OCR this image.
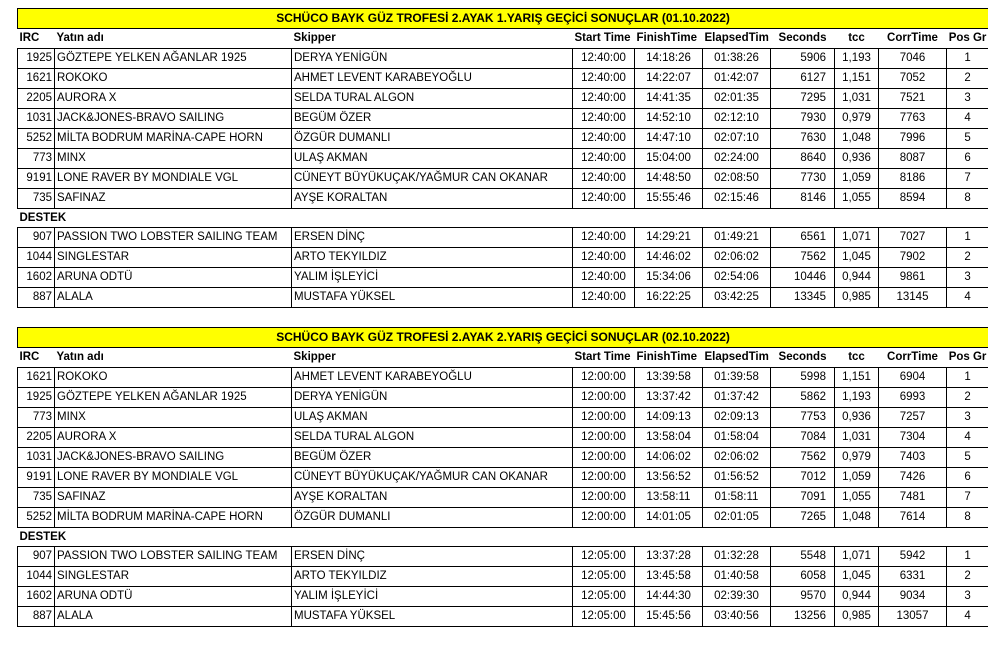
SCHÜCO BAYK GÜZ TROFESİ 2.AYAK 1.YARIŞ GEÇİCİ SONUÇLAR (01.10.2022)									
IRC	Yatın adı	Skipper	Start Time	FinishTime	ElapsedTim	Seconds	tcc	CorrTime	Pos Gr
1925	GÖZTEPE YELKEN AĞANLAR 1925	DERYA YENİGÜN	12:40:00	14:18:26	01:38:26	5906	1,193	7046	1
1621	ROKOKO	AHMET LEVENT KARABEYOĞLU	12:40:00	14:22:07	01:42:07	6127	1,151	7052	2
2205	AURORA X	SELDA TURAL ALGON	12:40:00	14:41:35	02:01:35	7295	1,031	7521	3
1031	JACK&JONES-BRAVO SAILING	BEGÜM ÖZER	12:40:00	14:52:10	02:12:10	7930	0,979	7763	4
5252	MİLTA BODRUM MARİNA-CAPE HORN	ÖZGÜR DUMANLI	12:40:00	14:47:10	02:07:10	7630	1,048	7996	5
773	MINX	ULAŞ AKMAN	12:40:00	15:04:00	02:24:00	8640	0,936	8087	6
9191	LONE RAVER BY MONDIALE VGL	CÜNEYT BÜYÜKUÇAK/YAĞMUR CAN OKANAR	12:40:00	14:48:50	02:08:50	7730	1,059	8186	7
735	SAFINAZ	AYŞE KORALTAN	12:40:00	15:55:46	02:15:46	8146	1,055	8594	8
DESTEK									
907	PASSION TWO LOBSTER SAILING TEAM	ERSEN DİNÇ	12:40:00	14:29:21	01:49:21	6561	1,071	7027	1
1044	SINGLESTAR	ARTO TEKYILDIZ	12:40:00	14:46:02	02:06:02	7562	1,045	7902	2
1602	ARUNA ODTÜ	YALIM İŞLEYİCİ	12:40:00	15:34:06	02:54:06	10446	0,944	9861	3
887	ALALA	MUSTAFA YÜKSEL	12:40:00	16:22:25	03:42:25	13345	0,985	13145	4
SCHÜCO BAYK GÜZ TROFESİ 2.AYAK 2.YARIŞ GEÇİCİ SONUÇLAR (02.10.2022)									
IRC	Yatın adı	Skipper	Start Time	FinishTime	ElapsedTim	Seconds	tcc	CorrTime	Pos Gr
1621	ROKOKO	AHMET LEVENT KARABEYOĞLU	12:00:00	13:39:58	01:39:58	5998	1,151	6904	1
1925	GÖZTEPE YELKEN AĞANLAR 1925	DERYA YENİGÜN	12:00:00	13:37:42	01:37:42	5862	1,193	6993	2
773	MINX	ULAŞ AKMAN	12:00:00	14:09:13	02:09:13	7753	0,936	7257	3
2205	AURORA X	SELDA TURAL ALGON	12:00:00	13:58:04	01:58:04	7084	1,031	7304	4
1031	JACK&JONES-BRAVO SAILING	BEGÜM ÖZER	12:00:00	14:06:02	02:06:02	7562	0,979	7403	5
9191	LONE RAVER BY MONDIALE VGL	CÜNEYT BÜYÜKUÇAK/YAĞMUR CAN OKANAR	12:00:00	13:56:52	01:56:52	7012	1,059	7426	6
735	SAFINAZ	AYŞE KORALTAN	12:00:00	13:58:11	01:58:11	7091	1,055	7481	7
5252	MİLTA BODRUM MARİNA-CAPE HORN	ÖZGÜR DUMANLI	12:00:00	14:01:05	02:01:05	7265	1,048	7614	8
DESTEK									
907	PASSION TWO LOBSTER SAILING TEAM	ERSEN DİNÇ	12:05:00	13:37:28	01:32:28	5548	1,071	5942	1
1044	SINGLESTAR	ARTO TEKYILDIZ	12:05:00	13:45:58	01:40:58	6058	1,045	6331	2
1602	ARUNA ODTÜ	YALIM İŞLEYİCİ	12:05:00	14:44:30	02:39:30	9570	0,944	9034	3
887	ALALA	MUSTAFA YÜKSEL	12:05:00	15:45:56	03:40:56	13256	0,985	13057	4
